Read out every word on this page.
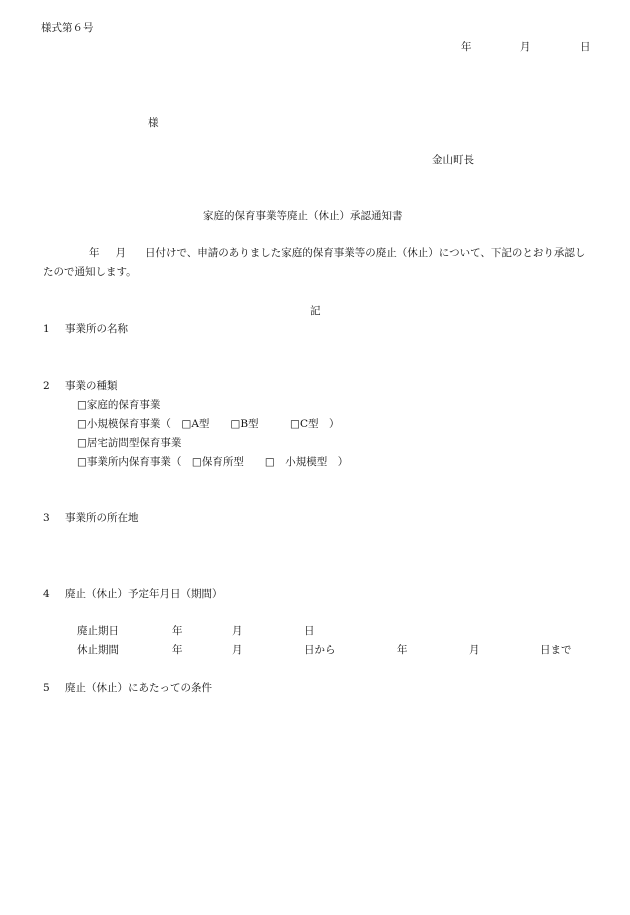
様式第６号
年	月	日
様
金山町長
家庭的保育事業等廃止（休止）承認通知書
年 月 日付けで、申請のありました家庭的保育事業等の廃止（休止）について、下記のとおり承認したので通知します。
記
1 事業所の名称
2 事業の種類
□家庭的保育事業
□小規模保育事業（　□A型　　□B型　　　□C型　）
□居宅訪問型保育事業
□事業所内保育事業（　□保育所型　　□　小規模型　）
3 事業所の所在地
4 廃止（休止）予定年月日（期間）
廃止期日	年	月	日
休止期間	年	月	日から	年	月	日まで
5 廃止（休止）にあたっての条件
